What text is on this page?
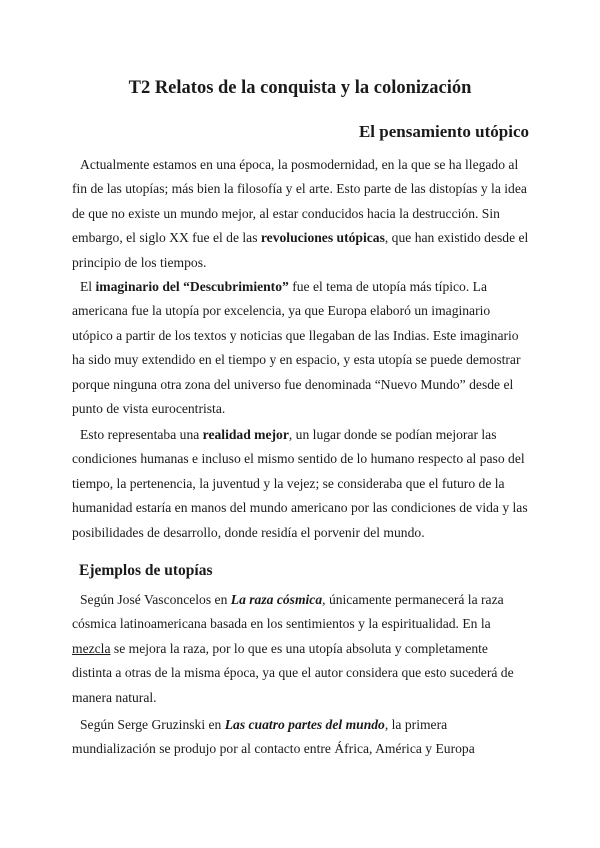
T2 Relatos de la conquista y la colonización
El pensamiento utópico

Actualmente estamos en una época, la posmodernidad, en la que se ha llegado al fin de las utopías; más bien la filosofía y el arte. Esto parte de las distopías y la idea de que no existe un mundo mejor, al estar conducidos hacia la destrucción. Sin embargo, el siglo XX fue el de las revoluciones utópicas, que han existido desde el principio de los tiempos.

El imaginario del “Descubrimiento” fue el tema de utopía más típico. La americana fue la utopía por excelencia, ya que Europa elaboró un imaginario utópico a partir de los textos y noticias que llegaban de las Indias. Este imaginario ha sido muy extendido en el tiempo y en espacio, y esta utopía se puede demostrar porque ninguna otra zona del universo fue denominada “Nuevo Mundo” desde el punto de vista eurocentrista.

Esto representaba una realidad mejor, un lugar donde se podían mejorar las condiciones humanas e incluso el mismo sentido de lo humano respecto al paso del tiempo, la pertenencia, la juventud y la vejez; se consideraba que el futuro de la humanidad estaría en manos del mundo americano por las condiciones de vida y las posibilidades de desarrollo, donde residía el porvenir del mundo.

Ejemplos de utopías

Según José Vasconcelos en La raza cósmica, únicamente permanecerá la raza cósmica latinoamericana basada en los sentimientos y la espiritualidad. En la mezcla se mejora la raza, por lo que es una utopía absoluta y completamente distinta a otras de la misma época, ya que el autor considera que esto sucederá de manera natural.

Según Serge Gruzinski en Las cuatro partes del mundo, la primera mundialización se produjo por al contacto entre África, América y Europa
